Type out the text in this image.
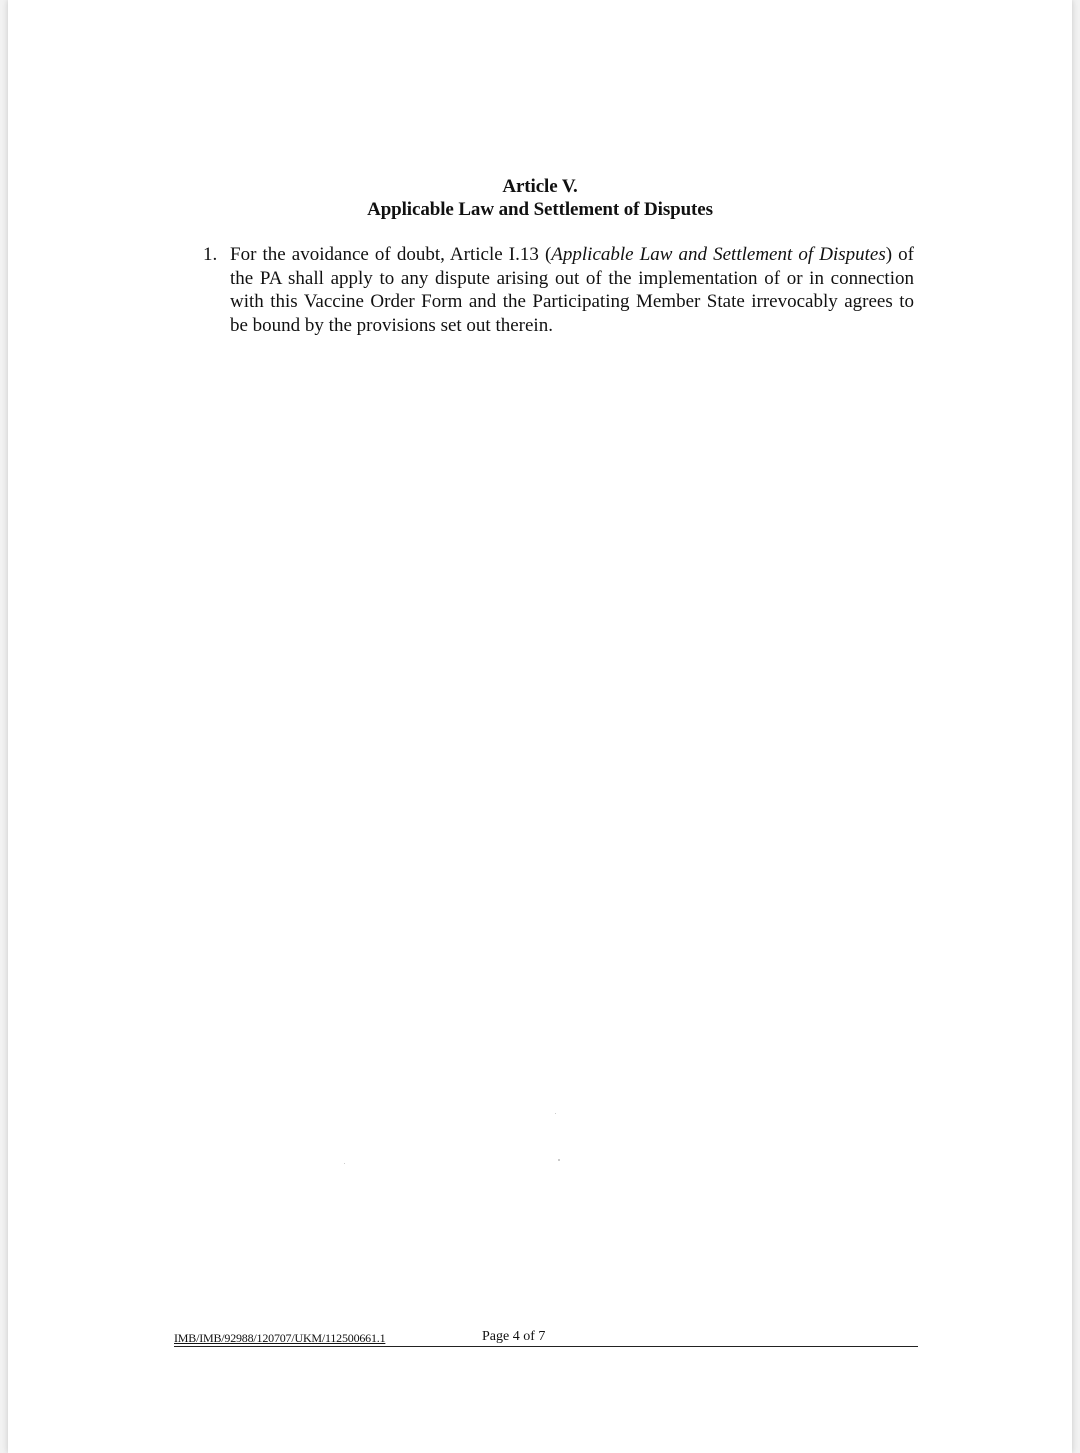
Article V.
Applicable Law and Settlement of Disputes
1. For the avoidance of doubt, Article I.13 (Applicable Law and Settlement of Disputes) of the PA shall apply to any dispute arising out of the implementation of or in connection with this Vaccine Order Form and the Participating Member State irrevocably agrees to be bound by the provisions set out therein.
IMB/IMB/92988/120707/UKM/112500661.1	Page 4 of 7
